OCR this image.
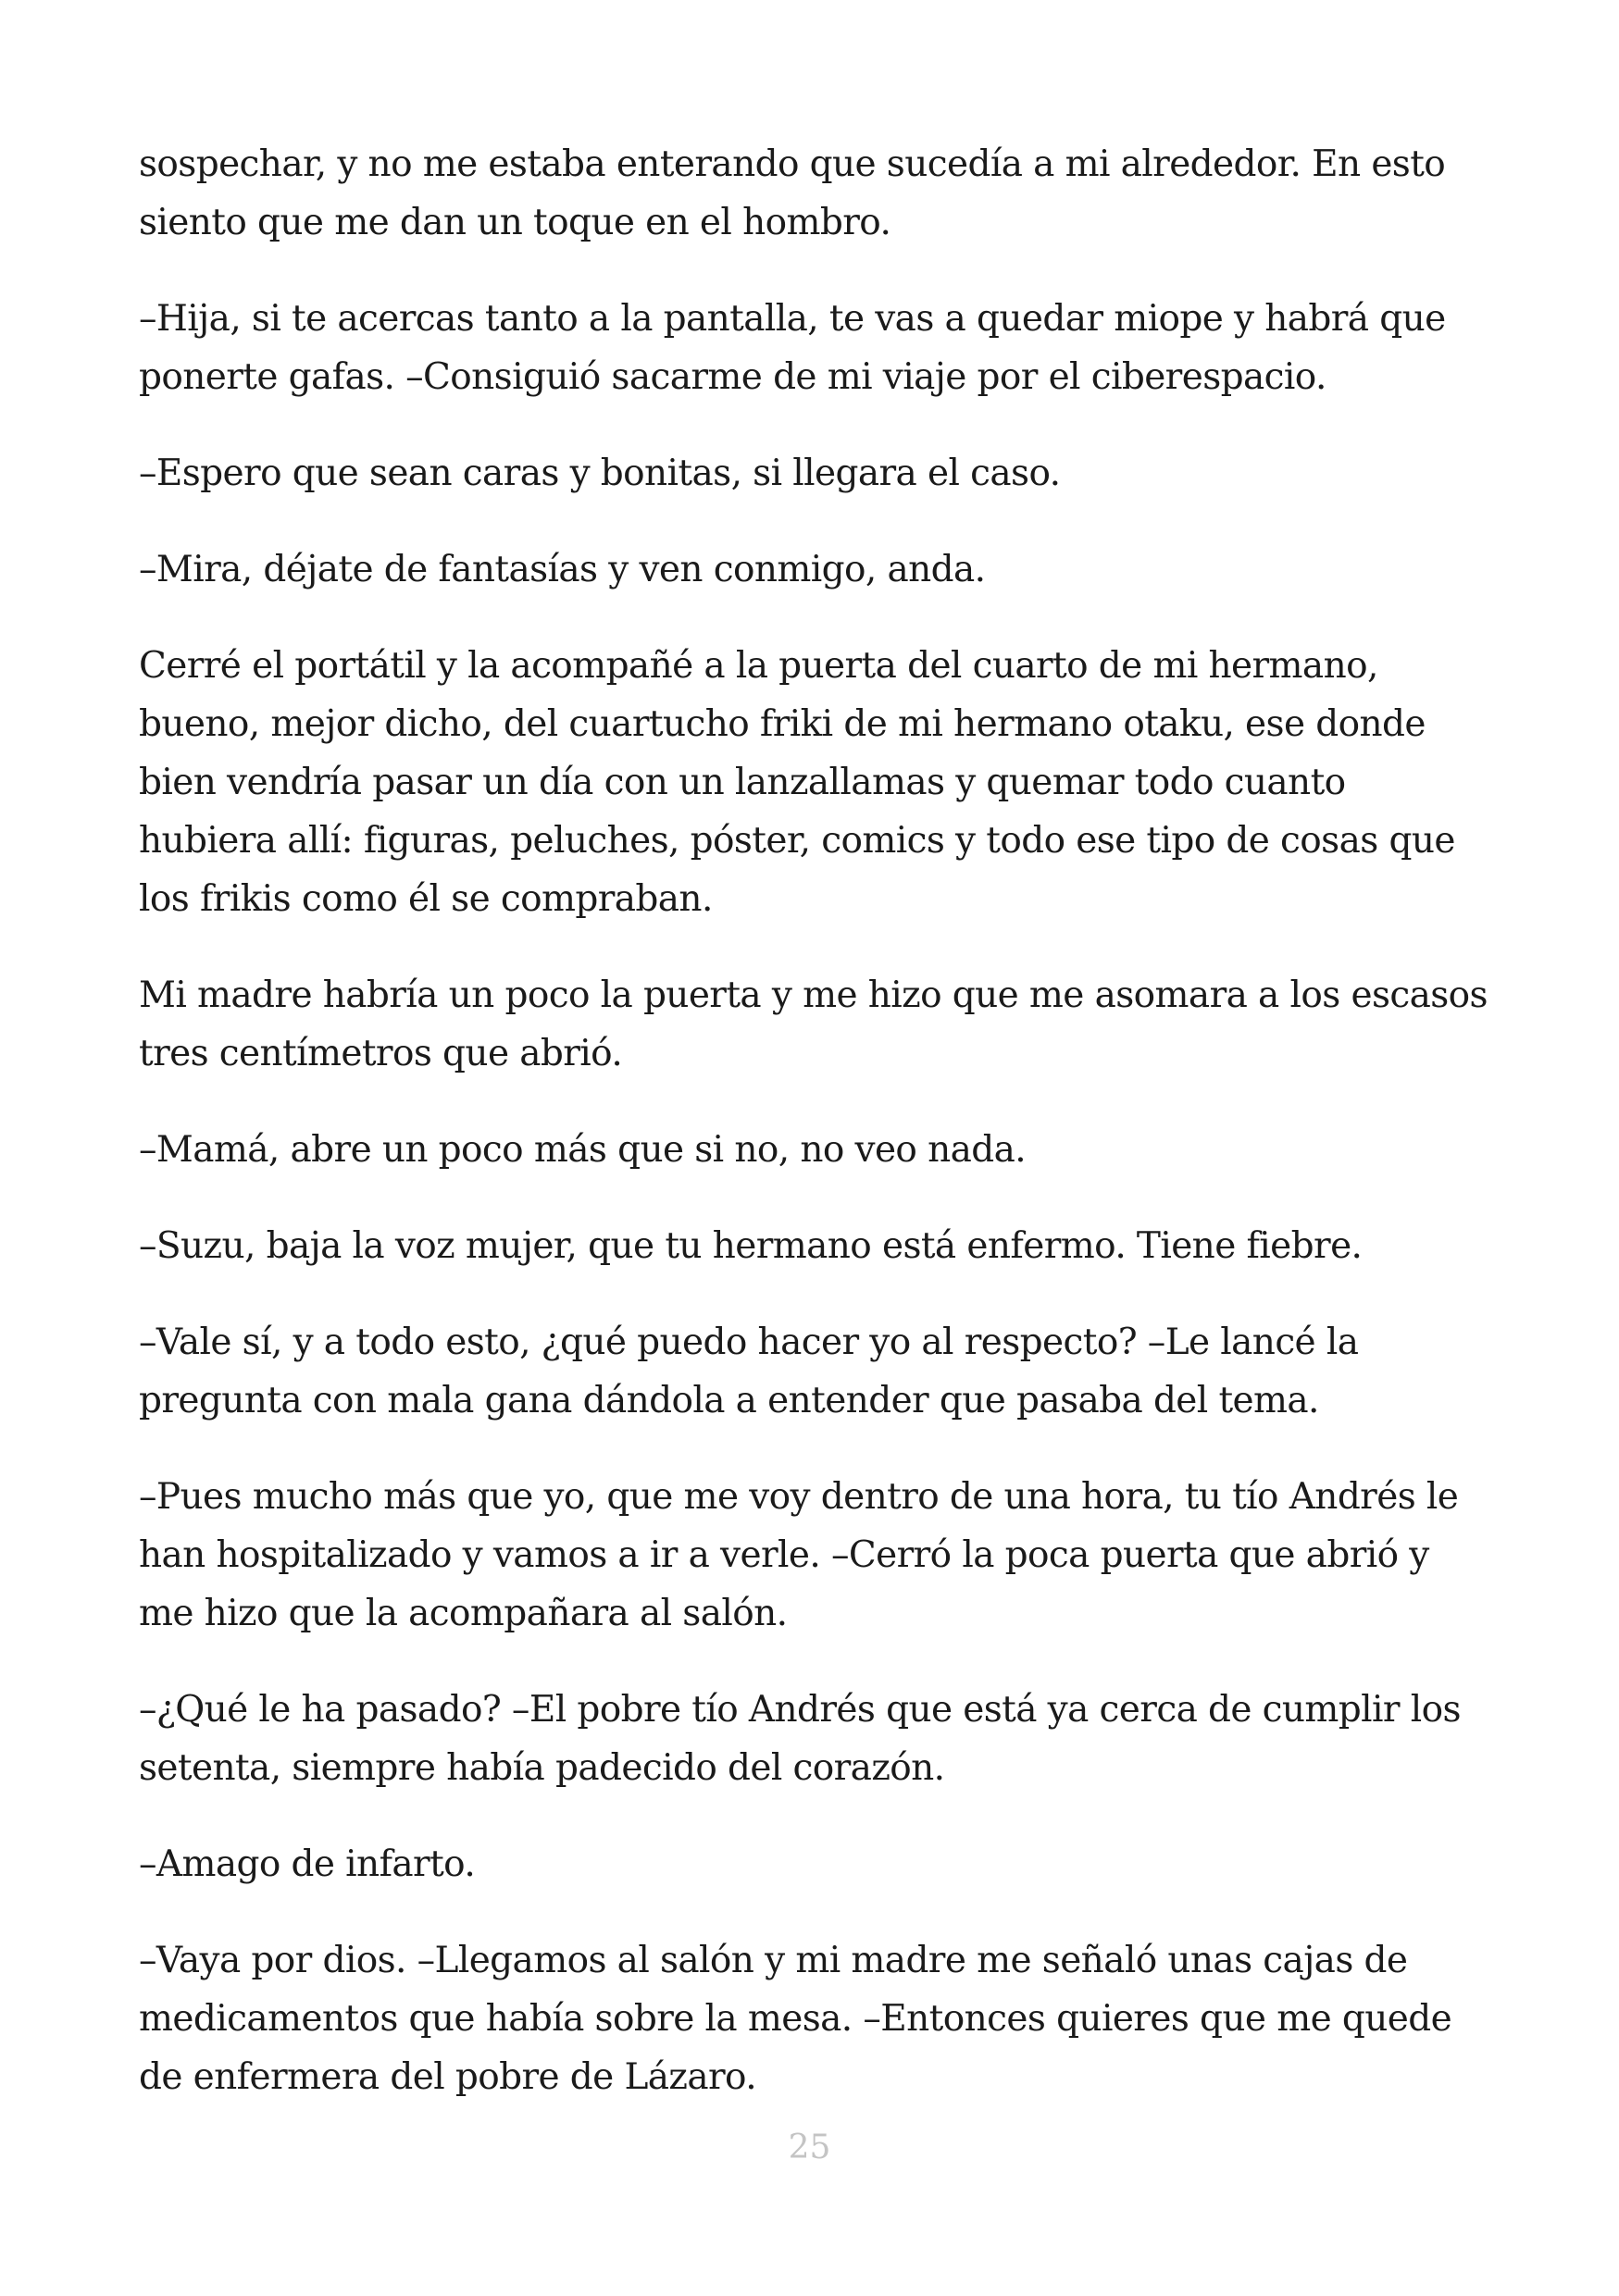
sospechar, y no me estaba enterando que sucedía a mi alrededor. En esto siento que me dan un toque en el hombro.

–Hija, si te acercas tanto a la pantalla, te vas a quedar miope y habrá que ponerte gafas. –Consiguió sacarme de mi viaje por el ciberespacio.

–Espero que sean caras y bonitas, si llegara el caso.

–Mira, déjate de fantasías y ven conmigo, anda.

Cerré el portátil y la acompañé a la puerta del cuarto de mi hermano, bueno, mejor dicho, del cuartucho friki de mi hermano otaku, ese donde bien vendría pasar un día con un lanzallamas y quemar todo cuanto hubiera allí: figuras, peluches, póster, comics y todo ese tipo de cosas que los frikis como él se compraban.

Mi madre habría un poco la puerta y me hizo que me asomara a los escasos tres centímetros que abrió.

–Mamá, abre un poco más que si no, no veo nada.

–Suzu, baja la voz mujer, que tu hermano está enfermo. Tiene fiebre.

–Vale sí, y a todo esto, ¿qué puedo hacer yo al respecto? –Le lancé la pregunta con mala gana dándola a entender que pasaba del tema.

–Pues mucho más que yo, que me voy dentro de una hora, tu tío Andrés le han hospitalizado y vamos a ir a verle. –Cerró la poca puerta que abrió y me hizo que la acompañara al salón.

–¿Qué le ha pasado? –El pobre tío Andrés que está ya cerca de cumplir los setenta, siempre había padecido del corazón.

–Amago de infarto.

–Vaya por dios. –Llegamos al salón y mi madre me señaló unas cajas de medicamentos que había sobre la mesa. –Entonces quieres que me quede de enfermera del pobre de Lázaro.

25
